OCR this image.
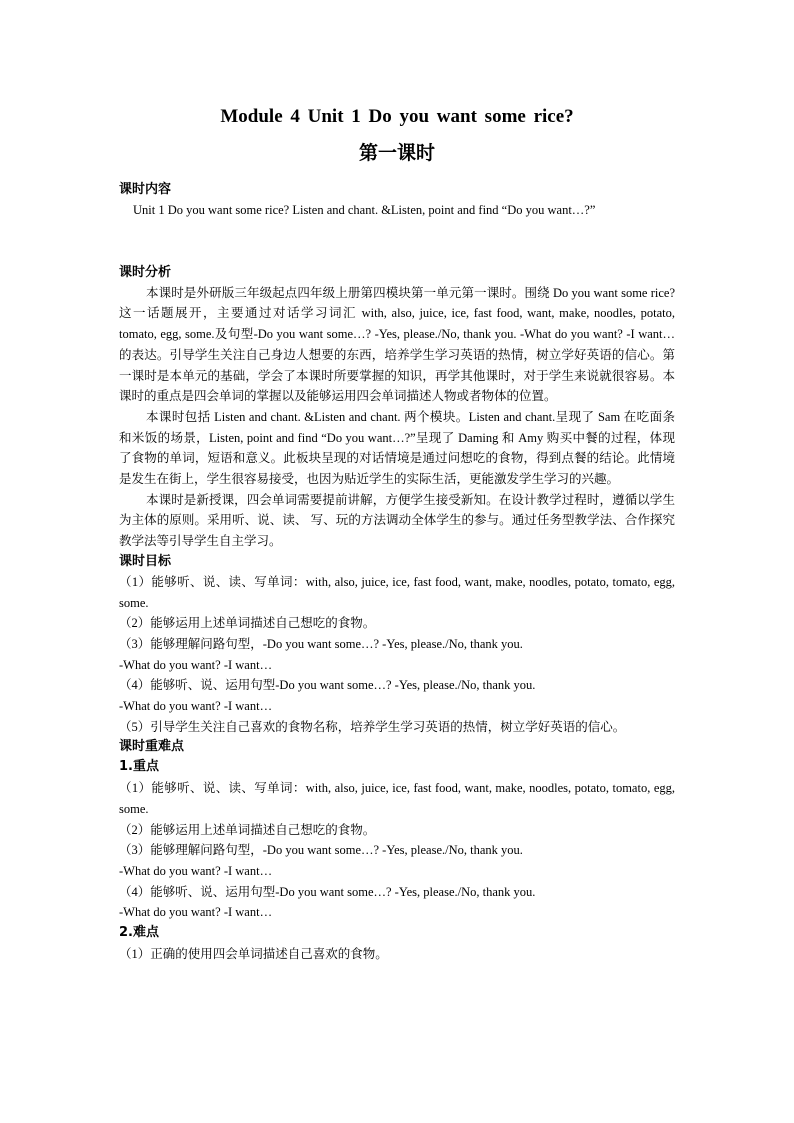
Module 4 Unit 1 Do you want some rice?
第一课时
课时内容
Unit 1 Do you want some rice? Listen and chant. &Listen, point and find “Do you want…?”
课时分析
本课时是外研版三年级起点四年级上册第四模块第一单元第一课时。围绕 Do you want some rice?这一话题展开，主要通过对话学习词汇 with, also, juice, ice, fast food, want, make, noodles, potato, tomato, egg, some.及句型-Do you want some…? -Yes, please./No, thank you. -What do you want? -I want…的表达。引导学生关注自己身边人想要的东西，培养学生学习英语的热情，树立学好英语的信心。第一课时是本单元的基础，学会了本课时所要掌握的知识，再学其他课时，对于学生来说就很容易。本课时的重点是四会单词的掌握以及能够运用四会单词描述人物或者物体的位置。
本课时包括 Listen and chant. &Listen and chant. 两个模块。Listen and chant.呈现了 Sam 在吃面条和米饭的场景，Listen, point and find “Do you want…?”呈现了 Daming 和 Amy 购买中餐的过程，体现了食物的单词，短语和意义。此板块呈现的对话情境是通过问想吃的食物，得到点餐的结论。此情境是发生在街上，学生很容易接受，也因为贴近学生的实际生活，更能激发学生学习的兴趣。
本课时是新授课，四会单词需要提前讲解，方便学生接受新知。在设计教学过程时，遵循以学生为主体的原则。采用听、说、读、 写、玩的方法调动全体学生的参与。通过任务型教学法、合作探究教学法等引导学生自主学习。
课时目标
（1）能够听、说、读、写单词：with, also, juice, ice, fast food, want, make, noodles, potato, tomato, egg, some.
（2）能够运用上述单词描述自己想吃的食物。
（3）能够理解问路句型，-Do you want some…? -Yes, please./No, thank you.
-What do you want? -I want…
（4）能够听、说、运用句型-Do you want some…? -Yes, please./No, thank you.
-What do you want? -I want…
（5）引导学生关注自己喜欢的食物名称，培养学生学习英语的热情，树立学好英语的信心。
课时重难点
1.重点
（1）能够听、说、读、写单词：with, also, juice, ice, fast food, want, make, noodles, potato, tomato, egg, some.
（2）能够运用上述单词描述自己想吃的食物。
（3）能够理解问路句型，-Do you want some…? -Yes, please./No, thank you.
-What do you want? -I want…
（4）能够听、说、运用句型-Do you want some…? -Yes, please./No, thank you.
-What do you want? -I want…
2.难点
（1）正确的使用四会单词描述自己喜欢的食物。
